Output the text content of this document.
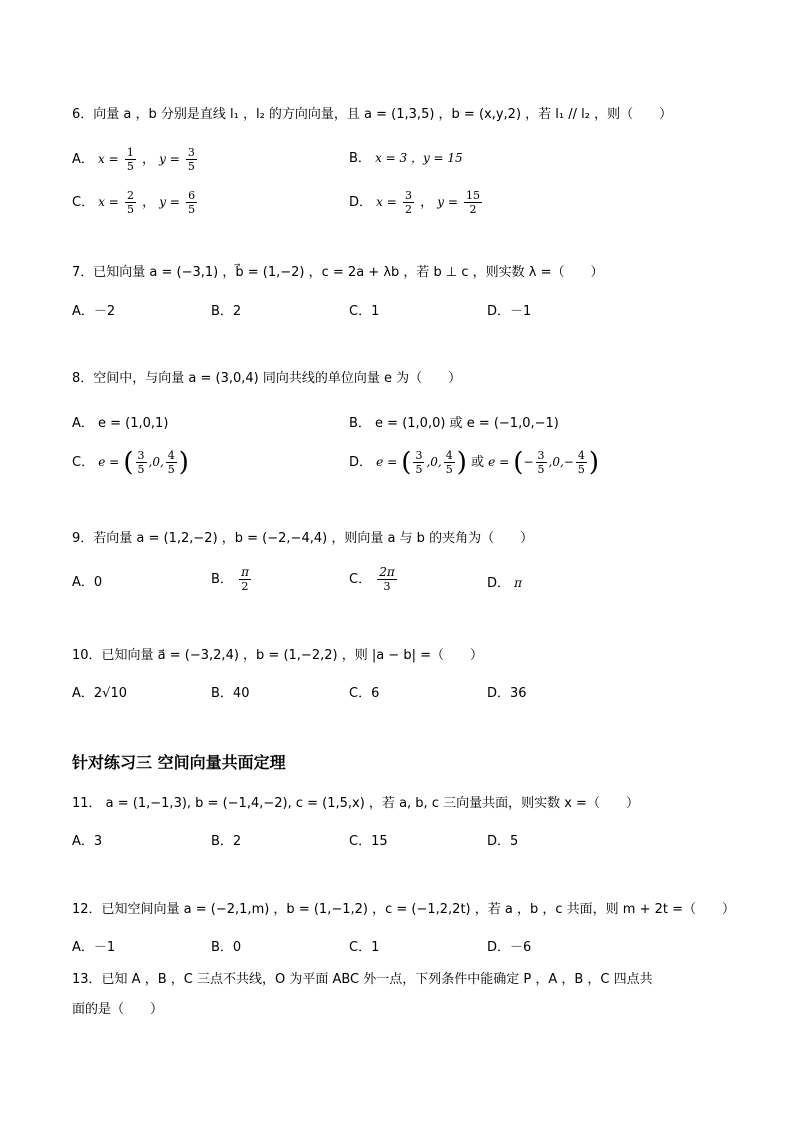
6．向量 a ，b 分别是直线 l₁ ，l₂ 的方向向量，且 a = (1,3,5) ，b = (x,y,2) ，若 l₁ // l₂ ，则（　　）
A． $x = \frac{1}{5}$ ， $y = \frac{3}{5}$	B． x = 3 ，y = 15
C． $x = \frac{2}{5}$ ， $y = \frac{6}{5}$	D． $x = \frac{3}{2}$ ， $y = \frac{15}{2}$
7．已知向量 a = (−3,1) ，b⃗ = (1,−2) ，c = 2a + λb ，若 b ⊥ c ，则实数 λ =（　　）
A．－2	B．2	C．1	D．－1
8．空间中，与向量 a = (3,0,4) 同向共线的单位向量 e 为（　　）
A． e = (1,0,1)	B． e = (1,0,0) 或 e = (−1,0,−1)
C． e = ( $\frac{3}{5} ,0$, $\frac{4}{5}$ )	D． e = ( $\frac{3}{5} ,0$, $\frac{4}{5}$ ) 或 e = (− $\frac{3}{5} ,0,- \frac{4}{5}$ )
9．若向量 a = (1,2,−2) ，b = (−2,−4,4) ，则向量 a 与 b 的夹角为（　　）
A．0	B． $\frac{\pi}{2}$	C． $\frac{2\pi}{3}$	D． π
10．已知向量 a⃗ = (−3,2,4) ，b = (1,−2,2) ，则 |a − b| =（　　）
A．2√10	B．40	C．6	D．36
针对练习三 空间向量共面定理
11． a = (1,−1,3), b = (−1,4,−2), c = (1,5,x) ，若 a, b, c 三向量共面，则实数 x =（　　）
A．3	B．2	C．15	D．5
12．已知空间向量 a = (−2,1,m) ，b = (1,−1,2) ，c = (−1,2,2t) ，若 a ，b ，c 共面，则 m + 2t =（　　）
A．－1	B．0	C．1	D．－6
13．已知 A ，B ，C 三点不共线，O 为平面 ABC 外一点，下列条件中能确定 P ，A ，B ，C 四点共
面的是（　　）
